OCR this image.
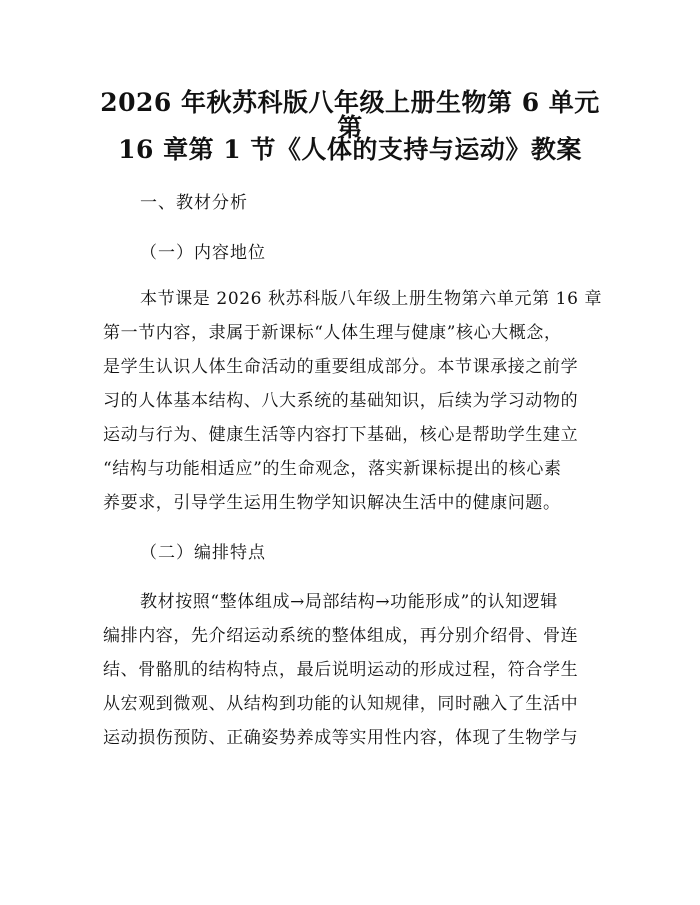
2026 年秋苏科版八年级上册生物第 6 单元第
16 章第 1 节《人体的支持与运动》教案

一、教材分析

（一）内容地位

本节课是 2026 秋苏科版八年级上册生物第六单元第 16 章
第一节内容，隶属于新课标“人体生理与健康”核心大概念，
是学生认识人体生命活动的重要组成部分。本节课承接之前学
习的人体基本结构、八大系统的基础知识，后续为学习动物的
运动与行为、健康生活等内容打下基础，核心是帮助学生建立
“结构与功能相适应”的生命观念，落实新课标提出的核心素
养要求，引导学生运用生物学知识解决生活中的健康问题。

（二）编排特点

教材按照“整体组成→局部结构→功能形成”的认知逻辑
编排内容，先介绍运动系统的整体组成，再分别介绍骨、骨连
结、骨骼肌的结构特点，最后说明运动的形成过程，符合学生
从宏观到微观、从结构到功能的认知规律，同时融入了生活中
运动损伤预防、正确姿势养成等实用性内容，体现了生物学与
